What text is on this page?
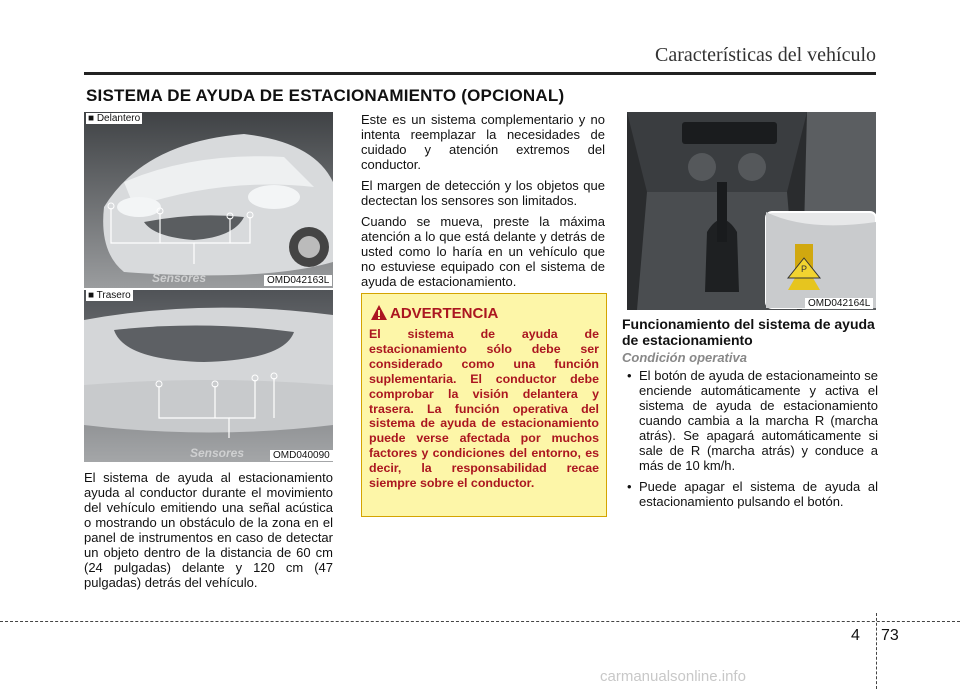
Características del vehículo
SISTEMA DE AYUDA DE ESTACIONAMIENTO (OPCIONAL)
■ Delantero
Sensores	OMD042163L
■ Trasero
Sensores	OMD040090
El sistema de ayuda al estacionamiento ayuda al conductor durante el movimiento del vehículo emitiendo una señal acústica o mostrando un obstáculo de la zona en el panel de instrumentos en caso de detectar un objeto dentro de la distancia de 60 cm (24 pulgadas) delante y 120 cm (47 pulgadas) detrás del vehículo.

Este es un sistema complementario y no intenta reemplazar la necesidades de cuidado y atención extremos del conductor.

El margen de detección y los objetos que dectectan los sensores son limitados.

Cuando se mueva, preste la máxima atención a lo que está delante y detrás de usted como lo haría en un vehículo que no estuviese equipado con el sistema de ayuda de estacionamiento.

ADVERTENCIA
El sistema de ayuda de estacionamiento sólo debe ser considerado como una función suplementaria. El conductor debe comprobar la visión delantera y trasera. La función operativa del sistema de ayuda de estacionamiento puede verse afectada por muchos factores y condiciones del entorno, es decir, la responsabilidad recae siempre sobre el conductor.
P
OMD042164L
Funcionamiento del sistema de ayuda de estacionamiento
Condición operativa
• El botón de ayuda de estacionameinto se enciende automáticamente y activa el sistema de ayuda de estacionamiento cuando cambia a la marcha R (marcha atrás). Se apagará automáticamente si sale de R (marcha atrás) y conduce a más de 10 km/h.
• Puede apagar el sistema de ayuda al estacionamiento pulsando el botón.
4 73
carmanualsonline.info
